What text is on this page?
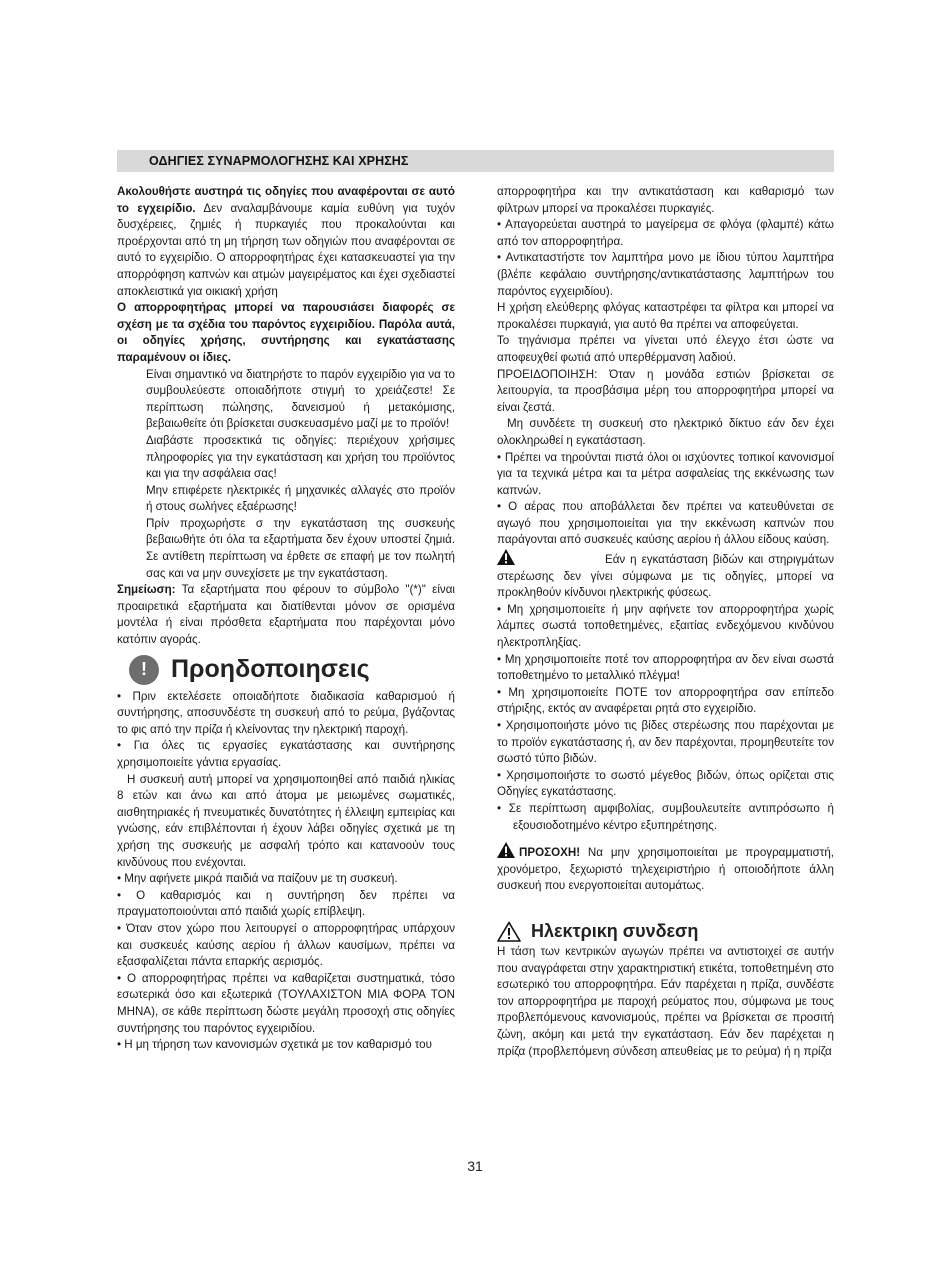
ΟΔΗΓΙΕΣ ΣΥΝΑΡΜΟΛΟΓΗΣΗΣ ΚΑΙ ΧΡΗΣΗΣ

Ακολουθήστε αυστηρά τις οδηγίες που αναφέρονται σε αυτό το εγχειρίδιο. Δεν αναλαμβάνουμε καμία ευθύνη για τυχόν δυσχέρειες, ζημιές ή πυρκαγιές που προκαλούνται και προέρχονται από τη μη τήρηση των οδηγιών που αναφέρονται σε αυτό το εγχειρίδιο. Ο απορροφητήρας έχει κατασκευαστεί για την απορρόφηση καπνών και ατμών μαγειρέματος και έχει σχεδιαστεί αποκλειστικά για οικιακή χρήση

Ο απορροφητήρας μπορεί να παρουσιάσει διαφορές σε σχέση με τα σχέδια του παρόντος εγχειριδίου. Παρόλα αυτά, οι οδηγίες χρήσης, συντήρησης και εγκατάστασης παραμένουν οι ίδιες.

Είναι σημαντικό να διατηρήστε το παρόν εγχειρίδιο για να το συμβουλεύεστε οποιαδήποτε στιγμή το χρειάζεστε! Σε περίπτωση πώλησης, δανεισμού ή μετακόμισης, βεβαιωθείτε ότι βρίσκεται συσκευασμένο μαζί με το προϊόν!

Διαβάστε προσεκτικά τις οδηγίες: περιέχουν χρήσιμες πληροφορίες για την εγκατάσταση και χρήση του προϊόντος και για την ασφάλεια σας!

Μην επιφέρετε ηλεκτρικές ή μηχανικές αλλαγές στο προϊόν ή στους σωλήνες εξαέρωσης!

Πρίν προχωρήστε σ την εγκατάσταση της συσκευής βεβαιωθήτε ότι όλα τα εξαρτήματα δεν έχουν υποστεί ζημιά. Σε αντίθετη περίπτωση να έρθετε σε επαφή με τον πωλητή σας και να μην συνεχίσετε με την εγκατάσταση.

Σημείωση: Τα εξαρτήματα που φέρουν το σύμβολο "(*)" είναι προαιρετικά εξαρτήματα και διατίθενται μόνον σε ορισμένα μοντέλα ή είναι πρόσθετα εξαρτήματα που παρέχονται μόνο κατόπιν αγοράς.

! Προηδοποιησεις

• Πριν εκτελέσετε οποιαδήποτε διαδικασία καθαρισμού ή συντήρησης, αποσυνδέστε τη συσκευή από το ρεύμα, βγάζοντας το φις από την πρίζα ή κλείνοντας την ηλεκτρική παροχή.

• Για όλες τις εργασίες εγκατάστασης και συντήρησης χρησιμοποιείτε γάντια εργασίας.

Η συσκευή αυτή μπορεί να χρησιμοποιηθεί από παιδιά ηλικίας 8 ετών και άνω και από άτομα με μειωμένες σωματικές, αισθητηριακές ή πνευματικές δυνατότητες ή έλλειψη εμπειρίας και γνώσης, εάν επιβλέπονται ή έχουν λάβει οδηγίες σχετικά με τη χρήση της συσκευής με ασφαλή τρόπο και κατανοούν τους κινδύνους που ενέχονται.

• Μην αφήνετε μικρά παιδιά να παίζουν με τη συσκευή.

• Ο καθαρισμός και η συντήρηση δεν πρέπει να πραγματοποιούνται από παιδιά χωρίς επίβλεψη.

• Όταν στον χώρο που λειτουργεί ο απορροφητήρας υπάρχουν και συσκευές καύσης αερίου ή άλλων καυσίμων, πρέπει να εξασφαλίζεται πάντα επαρκής αερισμός.

• Ο απορροφητήρας πρέπει να καθαρίζεται συστηματικά, τόσο εσωτερικά όσο και εξωτερικά (ΤΟΥΛΑΧΙΣΤΟΝ ΜΙΑ ΦΟΡΑ ΤΟΝ ΜΗΝΑ), σε κάθε περίπτωση δώστε μεγάλη προσοχή στις οδηγίες συντήρησης του παρόντος εγχειριδίου.

• Η μη τήρηση των κανονισμών σχετικά με τον καθαρισμό του

απορροφητήρα και την αντικατάσταση και καθαρισμό των φίλτρων μπορεί να προκαλέσει πυρκαγιές.

• Απαγορεύεται αυστηρά το μαγείρεμα σε φλόγα (φλαμπέ) κάτω από τον απορροφητήρα.

• Αντικαταστήστε τον λαμπτήρα μονο με ίδιου τύπου λαμπτήρα (βλέπε κεφάλαιο συντήρησης/αντικατάστασης λαμπτήρων του παρόντος εγχειριδίου).

Η χρήση ελεύθερης φλόγας καταστρέφει τα φίλτρα και μπορεί να προκαλέσει πυρκαγιά, για αυτό θα πρέπει να αποφεύγεται.

Το τηγάνισμα πρέπει να γίνεται υπό έλεγχο έτσι ώστε να αποφευχθεί φωτιά από υπερθέρμανση λαδιού.

ΠΡΟΕΙΔΟΠΟΙΗΣΗ: Όταν η μονάδα εστιών βρίσκεται σε λειτουργία, τα προσβάσιμα μέρη του απορροφητήρα μπορεί να είναι ζεστά.

Μη συνδέετε τη συσκευή στο ηλεκτρικό δίκτυο εάν δεν έχει ολοκληρωθεί η εγκατάσταση.

• Πρέπει να τηρούνται πιστά όλοι οι ισχύοντες τοπικοί κανονισμοί για τα τεχνικά μέτρα και τα μέτρα ασφαλείας της εκκένωσης των καπνών.

• Ο αέρας που αποβάλλεται δεν πρέπει να κατευθύνεται σε αγωγό που χρησιμοποιείται για την εκκένωση καπνών που παράγονται από συσκευές καύσης αερίου ή άλλου είδους καύση.

Εάν η εγκατάσταση βιδών και στηριγμάτων στερέωσης δεν γίνει σύμφωνα με τις οδηγίες, μπορεί να προκληθούν κίνδυνοι ηλεκτρικής φύσεως.

• Μη χρησιμοποιείτε ή μην αφήνετε τον απορροφητήρα χωρίς λάμπες σωστά τοποθετημένες, εξαιτίας ενδεχόμενου κινδύνου ηλεκτροπληξίας.

• Μη χρησιμοποιείτε ποτέ τον απορροφητήρα αν δεν είναι σωστά τοποθετημένο το μεταλλικό πλέγμα!

• Μη χρησιμοποιείτε ΠΟΤΕ τον απορροφητήρα σαν επίπεδο στήριξης, εκτός αν αναφέρεται ρητά στο εγχειρίδιο.

• Χρησιμοποιήστε μόνο τις βίδες στερέωσης που παρέχονται με το προϊόν εγκατάστασης ή, αν δεν παρέχονται, προμηθευτείτε τον σωστό τύπο βιδών.

• Χρησιμοποιήστε το σωστό μέγεθος βιδών, όπως ορίζεται στις Οδηγίες εγκατάστασης.

• Σε περίπτωση αμφιβολίας, συμβουλευτείτε αντιπρόσωπο ή εξουσιοδοτημένο κέντρο εξυπηρέτησης.

ΠΡΟΣΟΧΗ! Να μην χρησιμοποιείται με προγραμματιστή, χρονόμετρο, ξεχωριστό τηλεχειριστήριο ή οποιοδήποτε άλλη συσκευή που ενεργοποιείται αυτομάτως.

Ηλεκτρικη συνδεση

Η τάση των κεντρικών αγωγών πρέπει να αντιστοιχεί σε αυτήν που αναγράφεται στην χαρακτηριστική ετικέτα, τοποθετημένη στο εσωτερικό του απορροφητήρα. Εάν παρέχεται η πρίζα, συνδέστε τον απορροφητήρα με παροχή ρεύματος που, σύμφωνα με τους προβλεπόμενους κανονισμούς, πρέπει να βρίσκεται σε προσιτή ζώνη, ακόμη και μετά την εγκατάσταση. Εάν δεν παρέχεται η πρίζα (προβλεπόμενη σύνδεση απευθείας με το ρεύμα) ή η πρίζα

31
